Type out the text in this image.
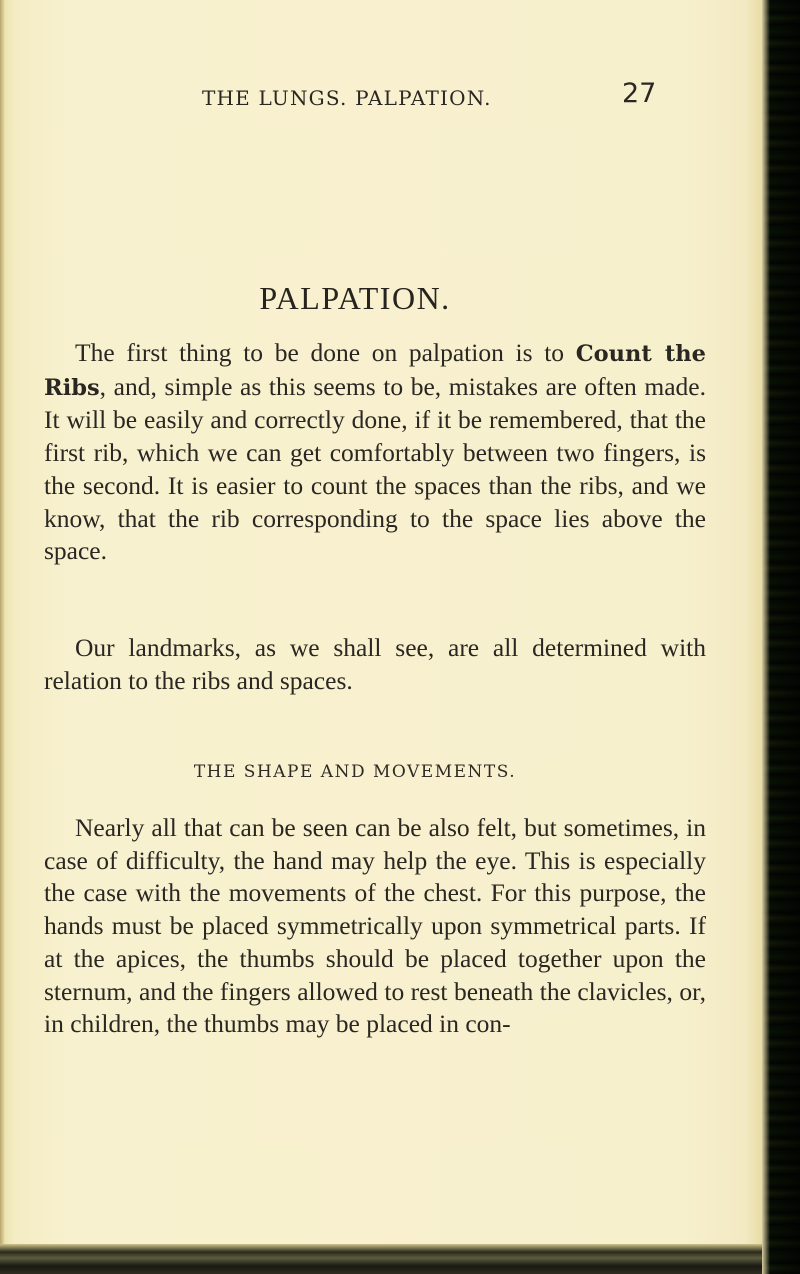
THE LUNGS. PALPATION.	27
PALPATION.

The first thing to be done on palpation is to Count the Ribs, and, simple as this seems to be, mistakes are often made. It will be easily and correctly done, if it be remembered, that the first rib, which we can get comfortably between two fingers, is the second. It is easier to count the spaces than the ribs, and we know, that the rib corresponding to the space lies above the space.

Our landmarks, as we shall see, are all determined with relation to the ribs and spaces.

THE SHAPE AND MOVEMENTS.

Nearly all that can be seen can be also felt, but sometimes, in case of difficulty, the hand may help the eye. This is especially the case with the movements of the chest. For this purpose, the hands must be placed symmetrically upon symmetrical parts. If at the apices, the thumbs should be placed together upon the sternum, and the fingers allowed to rest beneath the clavicles, or, in children, the thumbs may be placed in con-
